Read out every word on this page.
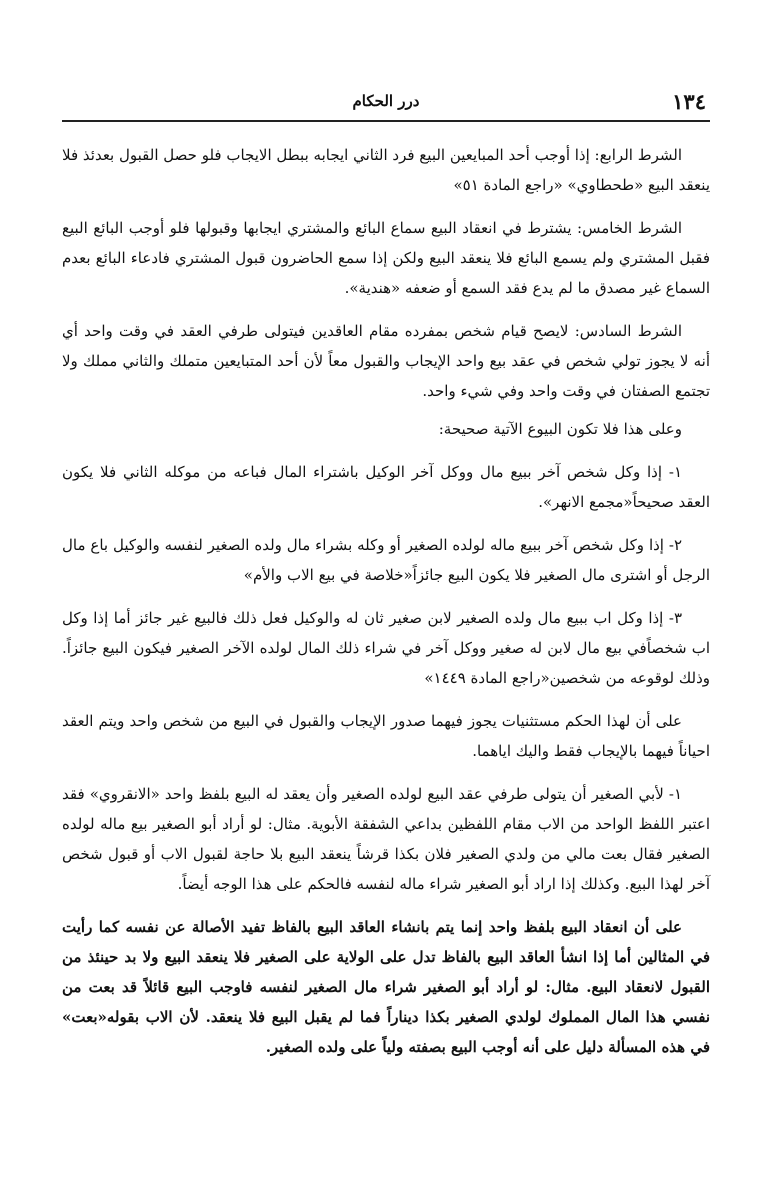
١٣٤
درر الحكام

الشرط الرابع: إذا أوجب أحد المبايعين البيع فرد الثاني ايجابه ببطل الايجاب فلو حصل القبول بعدئذ فلا ينعقد البيع «طحطاوي» «راجع المادة ٥١»

الشرط الخامس: يشترط في انعقاد البيع سماع البائع والمشتري ايجابها وقبولها فلو أوجب البائع البيع فقبل المشتري ولم يسمع البائع فلا ينعقد البيع ولكن إذا سمع الحاضرون قبول المشتري فادعاء البائع بعدم السماع غير مصدق ما لم يدع فقد السمع أو ضعفه «هندية».

الشرط السادس: لايصح قيام شخص بمفرده مقام العاقدين فيتولى طرفي العقد في وقت واحد أي أنه لا يجوز تولي شخص في عقد بيع واحد الإيجاب والقبول معاً لأن أحد المتبايعين متملك والثاني مملك ولا تجتمع الصفتان في وقت واحد وفي شيء واحد.

وعلى هذا فلا تكون البيوع الآتية صحيحة:

١- إذا وكل شخص آخر ببيع مال ووكل آخر الوكيل باشتراء المال فباعه من موكله الثاني فلا يكون العقد صحيحاً«مجمع الانهر».

٢- إذا وكل شخص آخر ببيع ماله لولده الصغير أو وكله بشراء مال ولده الصغير لنفسه والوكيل باع مال الرجل أو اشترى مال الصغير فلا يكون البيع جائزاً«خلاصة في بيع الاب والأم»

٣- إذا وكل اب ببيع مال ولده الصغير لابن صغير ثان له والوكيل فعل ذلك فالبيع غير جائز أما إذا وكل اب شخصاًفي بيع مال لابن له صغير ووكل آخر في شراء ذلك المال لولده الآخر الصغير فيكون البيع جائزاً. وذلك لوقوعه من شخصين«راجع المادة ١٤٤٩»

على أن لهذا الحكم مستثنيات يجوز فيهما صدور الإيجاب والقبول في البيع من شخص واحد ويتم العقد احياناً فيهما بالإيجاب فقط واليك اياهما.

١- لأبي الصغير أن يتولى طرفي عقد البيع لولده الصغير وأن يعقد له البيع بلفظ واحد «الانقروي» فقد اعتبر اللفظ الواحد من الاب مقام اللفظين بداعي الشفقة الأبوية. مثال: لو أراد أبو الصغير بيع ماله لولده الصغير فقال بعت مالي من ولدي الصغير فلان بكذا قرشاً ينعقد البيع بلا حاجة لقبول الاب أو قبول شخص آخر لهذا البيع. وكذلك إذا اراد أبو الصغير شراء ماله لنفسه فالحكم على هذا الوجه أيضاً.

على أن انعقاد البيع بلفظ واحد إنما يتم بانشاء العاقد البيع بالفاظ تفيد الأصالة عن نفسه كما رأيت في المثالين أما إذا انشأ العاقد البيع بالفاظ تدل على الولاية على الصغير فلا ينعقد البيع ولا بد حينئذ من القبول لانعقاد البيع. مثال: لو أراد أبو الصغير شراء مال الصغير لنفسه فاوجب البيع قائلاً قد بعت من نفسي هذا المال المملوك لولدي الصغير بكذا ديناراً فما لم يقبل البيع فلا ينعقد. لأن الاب بقوله«بعت» في هذه المسألة دليل على أنه أوجب البيع بصفته ولياً على ولده الصغير.
